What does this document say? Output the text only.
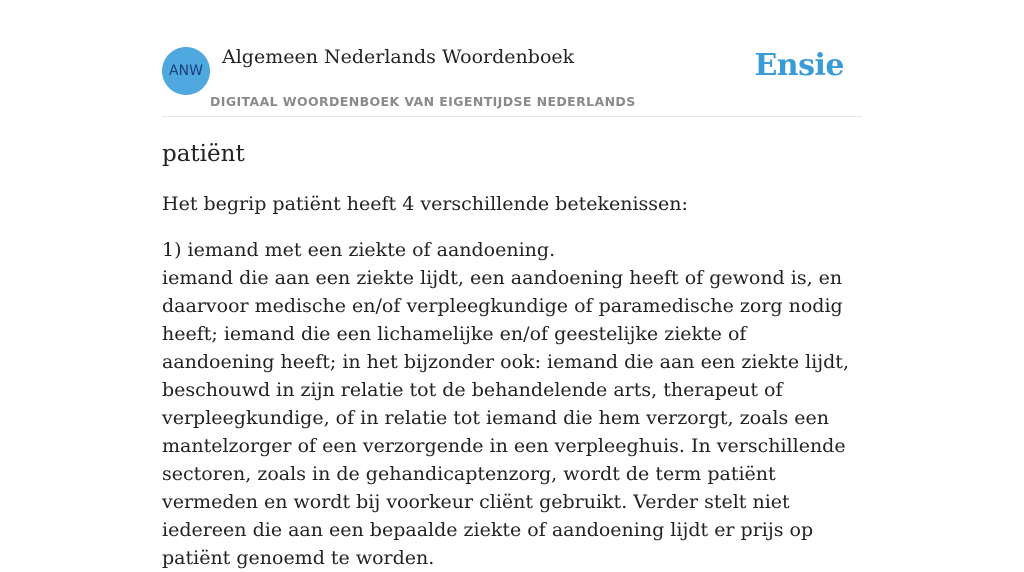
ANW
Algemeen Nederlands Woordenboek
DIGITAAL WOORDENBOEK VAN EIGENTIJDSE NEDERLANDS
Ensie
patiënt

Het begrip patiënt heeft 4 verschillende betekenissen:

1) iemand met een ziekte of aandoening.

iemand die aan een ziekte lijdt, een aandoening heeft of gewond is, en daarvoor medische en/of verpleegkundige of paramedische zorg nodig heeft; iemand die een lichamelijke en/of geestelijke ziekte of aandoening heeft; in het bijzonder ook: iemand die aan een ziekte lijdt, beschouwd in zijn relatie tot de behandelende arts, therapeut of verpleegkundige, of in relatie tot iemand die hem verzorgt, zoals een mantelzorger of een verzorgende in een verpleeghuis. In verschillende sectoren, zoals in de gehandicaptenzorg, wordt de term patiënt vermeden en wordt bij voorkeur cliënt gebruikt. Verder stelt niet iedereen die aan een bepaalde ziekte of aandoening lijdt er prijs op patiënt genoemd te worden.
